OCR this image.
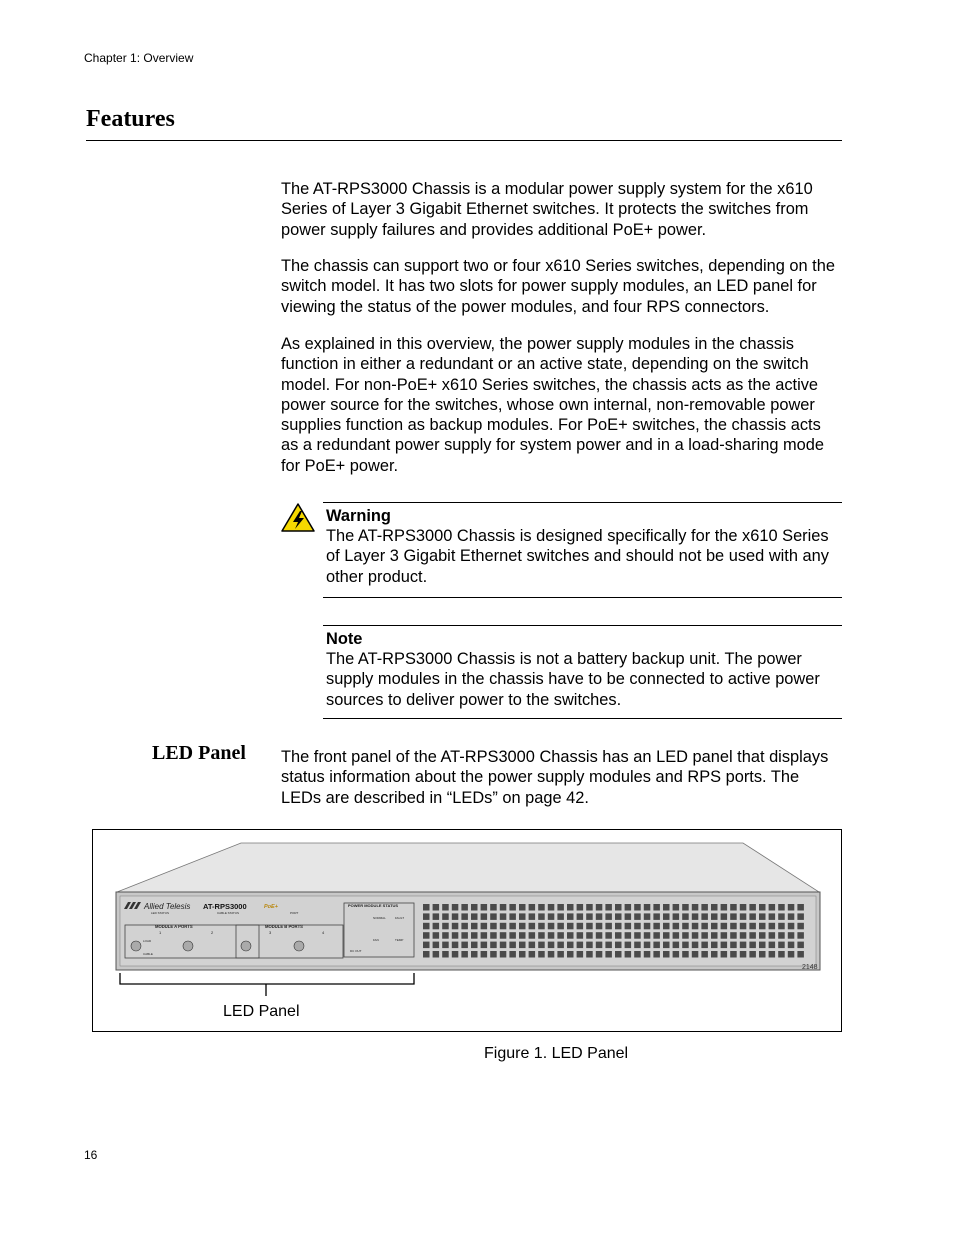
Chapter 1: Overview
Features

The AT-RPS3000 Chassis is a modular power supply system for the x610 Series of Layer 3 Gigabit Ethernet switches. It protects the switches from power supply failures and provides additional PoE+ power.

The chassis can support two or four x610 Series switches, depending on the switch model. It has two slots for power supply modules, an LED panel for viewing the status of the power modules, and four RPS connectors.

As explained in this overview, the power supply modules in the chassis function in either a redundant or an active state, depending on the switch model. For non-PoE+ x610 Series switches, the chassis acts as the active power source for the switches, whose own internal, non-removable power supplies function as backup modules. For PoE+ switches, the chassis acts as a redundant power supply for system power and in a load-sharing mode for PoE+ power.

Warning

The AT-RPS3000 Chassis is designed specifically for the x610 Series of Layer 3 Gigabit Ethernet switches and should not be used with any other product.

Note

The AT-RPS3000 Chassis is not a battery backup unit. The power supply modules in the chassis have to be connected to active power sources to deliver power to the switches.

LED Panel The front panel of the AT-RPS3000 Chassis has an LED panel that displays status information about the power supply modules and RPS ports. The LEDs are described in “LEDs” on page 42.

Allied Telesis AT-RPS3000	PoE+
LED STATUS	CABLE STATUS	PORT
MODULE A PORTS	MODULE B PORTS
1	2	3	4
LOAD
CABLE
POWER MODULE STATUS
NORMAL	FAULT
FAN	TEMP
DC OUT
2148
LED Panel
Figure 1. LED Panel
16
